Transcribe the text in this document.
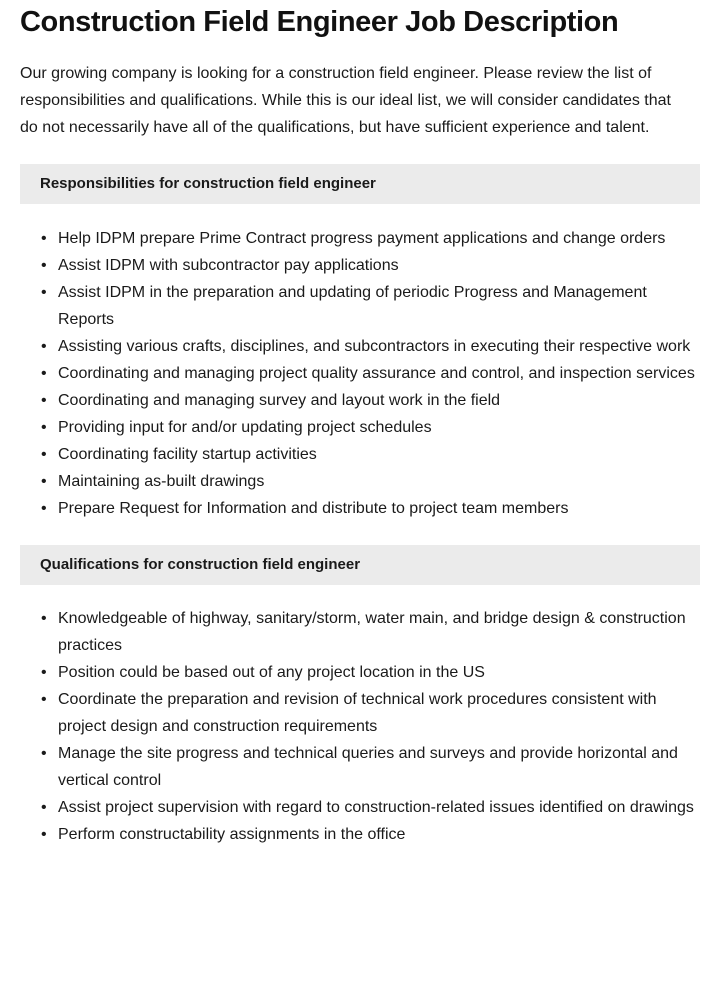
Construction Field Engineer Job Description

Our growing company is looking for a construction field engineer. Please review the list of responsibilities and qualifications. While this is our ideal list, we will consider candidates that do not necessarily have all of the qualifications, but have sufficient experience and talent.

Responsibilities for construction field engineer
• Help IDPM prepare Prime Contract progress payment applications and change orders
• Assist IDPM with subcontractor pay applications
• Assist IDPM in the preparation and updating of periodic Progress and Management Reports
• Assisting various crafts, disciplines, and subcontractors in executing their respective work
• Coordinating and managing project quality assurance and control, and inspection services
• Coordinating and managing survey and layout work in the field
• Providing input for and/or updating project schedules
• Coordinating facility startup activities
• Maintaining as-built drawings
• Prepare Request for Information and distribute to project team members
Qualifications for construction field engineer
• Knowledgeable of highway, sanitary/storm, water main, and bridge design & construction practices
• Position could be based out of any project location in the US
• Coordinate the preparation and revision of technical work procedures consistent with project design and construction requirements
• Manage the site progress and technical queries and surveys and provide horizontal and vertical control
• Assist project supervision with regard to construction-related issues identified on drawings
• Perform constructability assignments in the office
